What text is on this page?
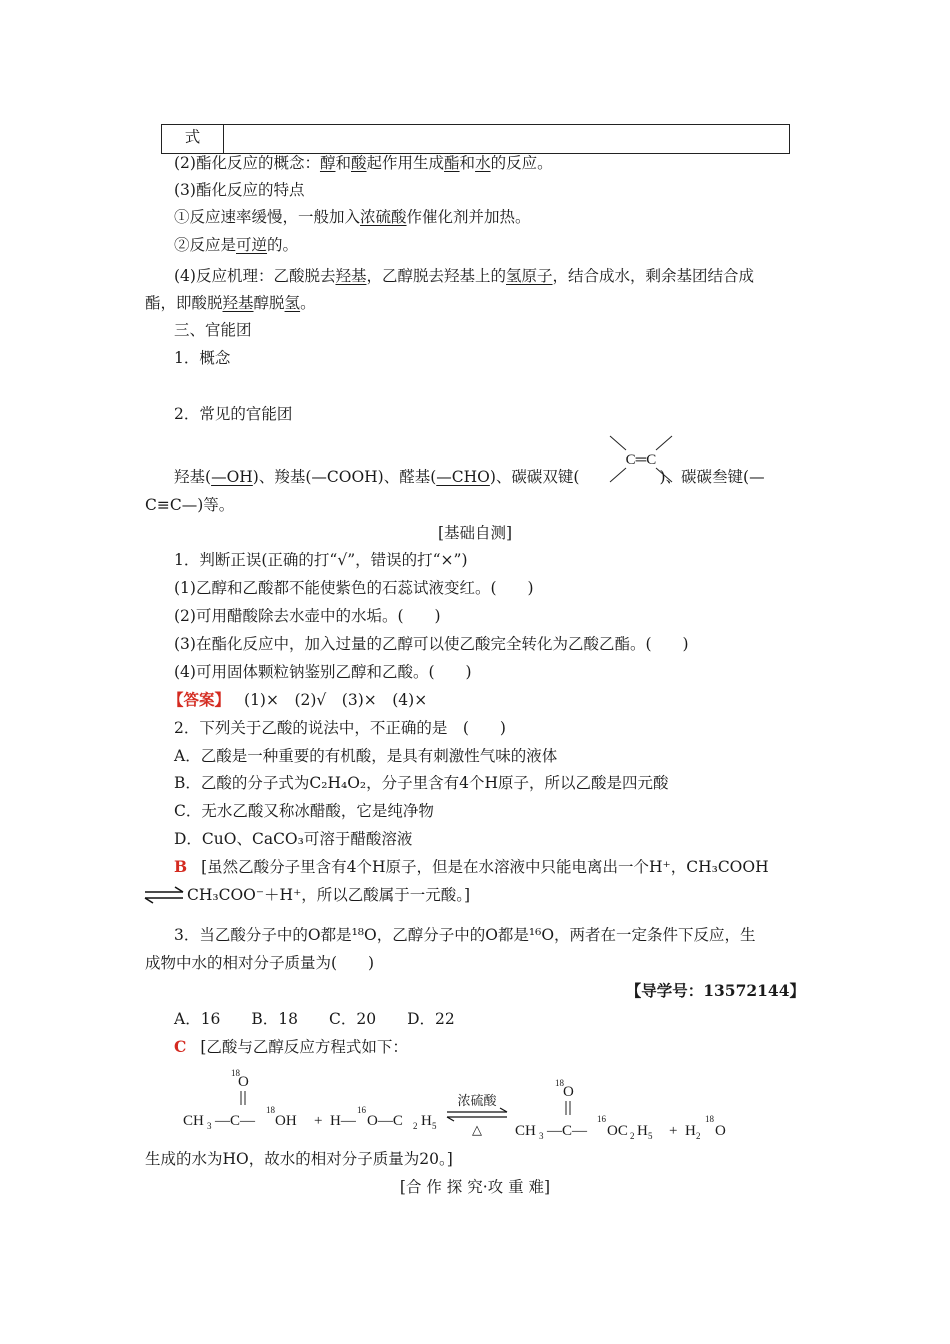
式	
(2)酯化反应的概念：醇和酸起作用生成酯和水的反应。
(3)酯化反应的特点
①反应速率缓慢，一般加入浓硫酸作催化剂并加热。
②反应是可逆的。
(4)反应机理：乙酸脱去羟基，乙醇脱去羟基上的氢原子，结合成水，剩余基团结合成
酯，即酸脱羟基醇脱氢。
三、官能团
1．概念
2．常见的官能团
C═C
羟基(—OH)、羧基(—COOH)、醛基(—CHO)、碳碳双键(	)、碳碳叁键(—
C≡C—)等。
[基础自测]
1．判断正误(正确的打“√”，错误的打“×”)
(1)乙醇和乙酸都不能使紫色的石蕊试液变红。(　　)
(2)可用醋酸除去水壶中的水垢。(　　)
(3)在酯化反应中，加入过量的乙醇可以使乙酸完全转化为乙酸乙酯。(　　)
(4)可用固体颗粒钠鉴别乙醇和乙酸。(　　)
【答案】 (1)×　(2)√　(3)×　(4)×
2．下列关于乙酸的说法中，不正确的是　(　　)
A．乙酸是一种重要的有机酸，是具有刺激性气味的液体
B．乙酸的分子式为C₂H₄O₂，分子里含有4个H原子，所以乙酸是四元酸
C．无水乙酸又称冰醋酸，它是纯净物
D．CuO、CaCO₃可溶于醋酸溶液
B [虽然乙酸分子里含有4个H原子，但是在水溶液中只能电离出一个H⁺，CH₃COOH
⇌ CH₃COO⁻＋H⁺，所以乙酸属于一元酸。]
3．当乙酸分子中的O都是¹⁸O，乙醇分子中的O都是¹⁶O，两者在一定条件下反应，生
成物中水的相对分子质量为(　　)
【导学号：13572144】
A．16　　B．18　　C．20　　D．22
C [乙酸与乙醇反应方程式如下：
18
O
CH 3 —C—
18
OH + H—
16
O—C 2 H 5
浓硫酸
△
18
O
CH 3 —C—
16
OC 2 H 5 + H 2
18
O
生成的水为HO，故水的相对分子质量为20。]
[合 作 探 究·攻 重 难]
